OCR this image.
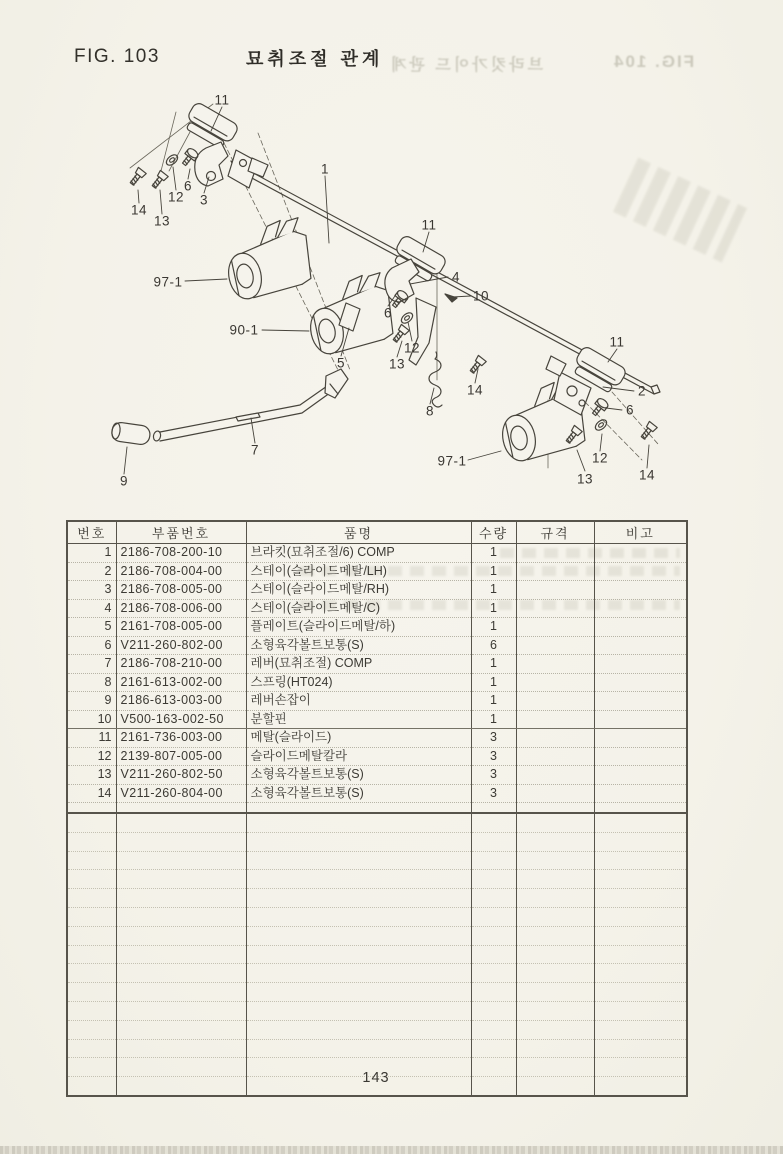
FIG. 103	묘취조절 관계 브라킷가이드 관계	FIG. 104
11
14
13
12
6
3
1
11
4
10
97-1
90-1
5
6
12
13
8
14
7
9
97-1
11
2
6
12
13	14
번호	부품번호	품명	수량	규격	비고
1	2186-708-200-10	브라킷(묘취조절/6) COMP	1		
2	2186-708-004-00	스테이(슬라이드메탈/LH)	1		
3	2186-708-005-00	스테이(슬라이드메탈/RH)	1		
4	2186-708-006-00	스테이(슬라이드메탈/C)	1		
5	2161-708-005-00	플레이트(슬라이드메탈/하)	1		
6	V211-260-802-00	소형육각볼트보통(S)	6		
7	2186-708-210-00	레버(묘취조절) COMP	1		
8	2161-613-002-00	스프링(HT024)	1		
9	2186-613-003-00	레버손잡이	1		
10	V500-163-002-50	분할핀	1		
11	2161-736-003-00	메탈(슬라이드)	3		
12	2139-807-005-00	슬라이드메탈칼라	3		
13	V211-260-802-50	소형육각볼트보통(S)	3		
14	V211-260-804-00	소형육각볼트보통(S)	3		

143
